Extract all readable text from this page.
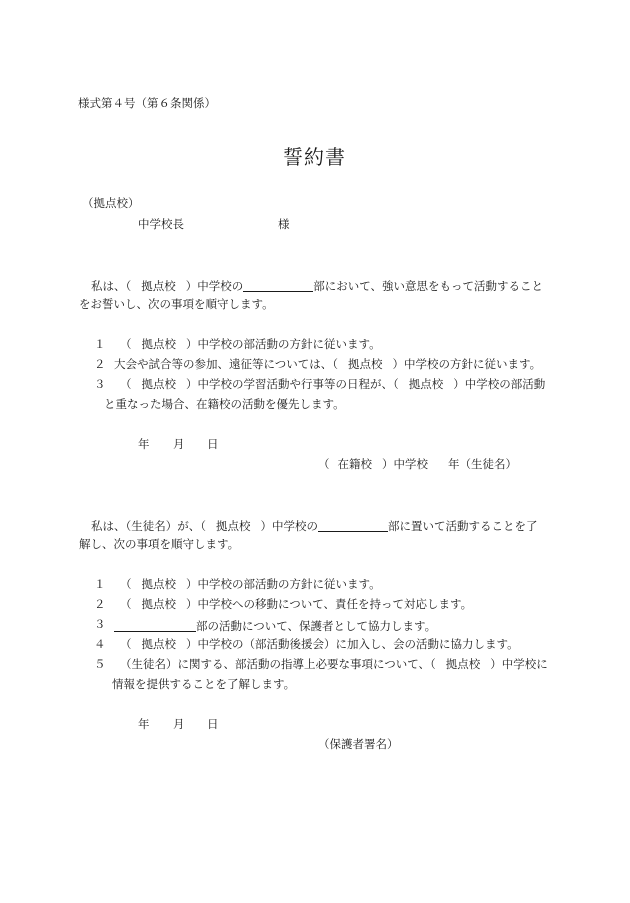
様式第４号（第６条関係）
誓約書
（拠点校）
中学校長	様
私は、（ 拠点校 ）中学校の	部において、強い意思をもって活動すること
をお誓いし、次の事項を順守します。
１ （ 拠点校 ）中学校の部活動の方針に従います。
２ 大会や試合等の参加、遠征等については、（ 拠点校 ）中学校の方針に従います。
３ （ 拠点校 ）中学校の学習活動や行事等の日程が、（ 拠点校 ）中学校の部活動
と重なった場合、在籍校の活動を優先します。
年 月 日
（ 在籍校 ）中学校 年（生徒名）
私は、（生徒名）が、（ 拠点校 ）中学校の	部に置いて活動することを了
解し、次の事項を順守します。
１ （ 拠点校 ）中学校の部活動の方針に従います。
２ （ 拠点校 ）中学校への移動について、責任を持って対応します。
３	部の活動について、保護者として協力します。
４ （ 拠点校 ）中学校の（部活動後援会）に加入し、会の活動に協力します。
５ （生徒名）に関する、部活動の指導上必要な事項について、（ 拠点校 ）中学校に
情報を提供することを了解します。
年 月 日
（保護者署名）
